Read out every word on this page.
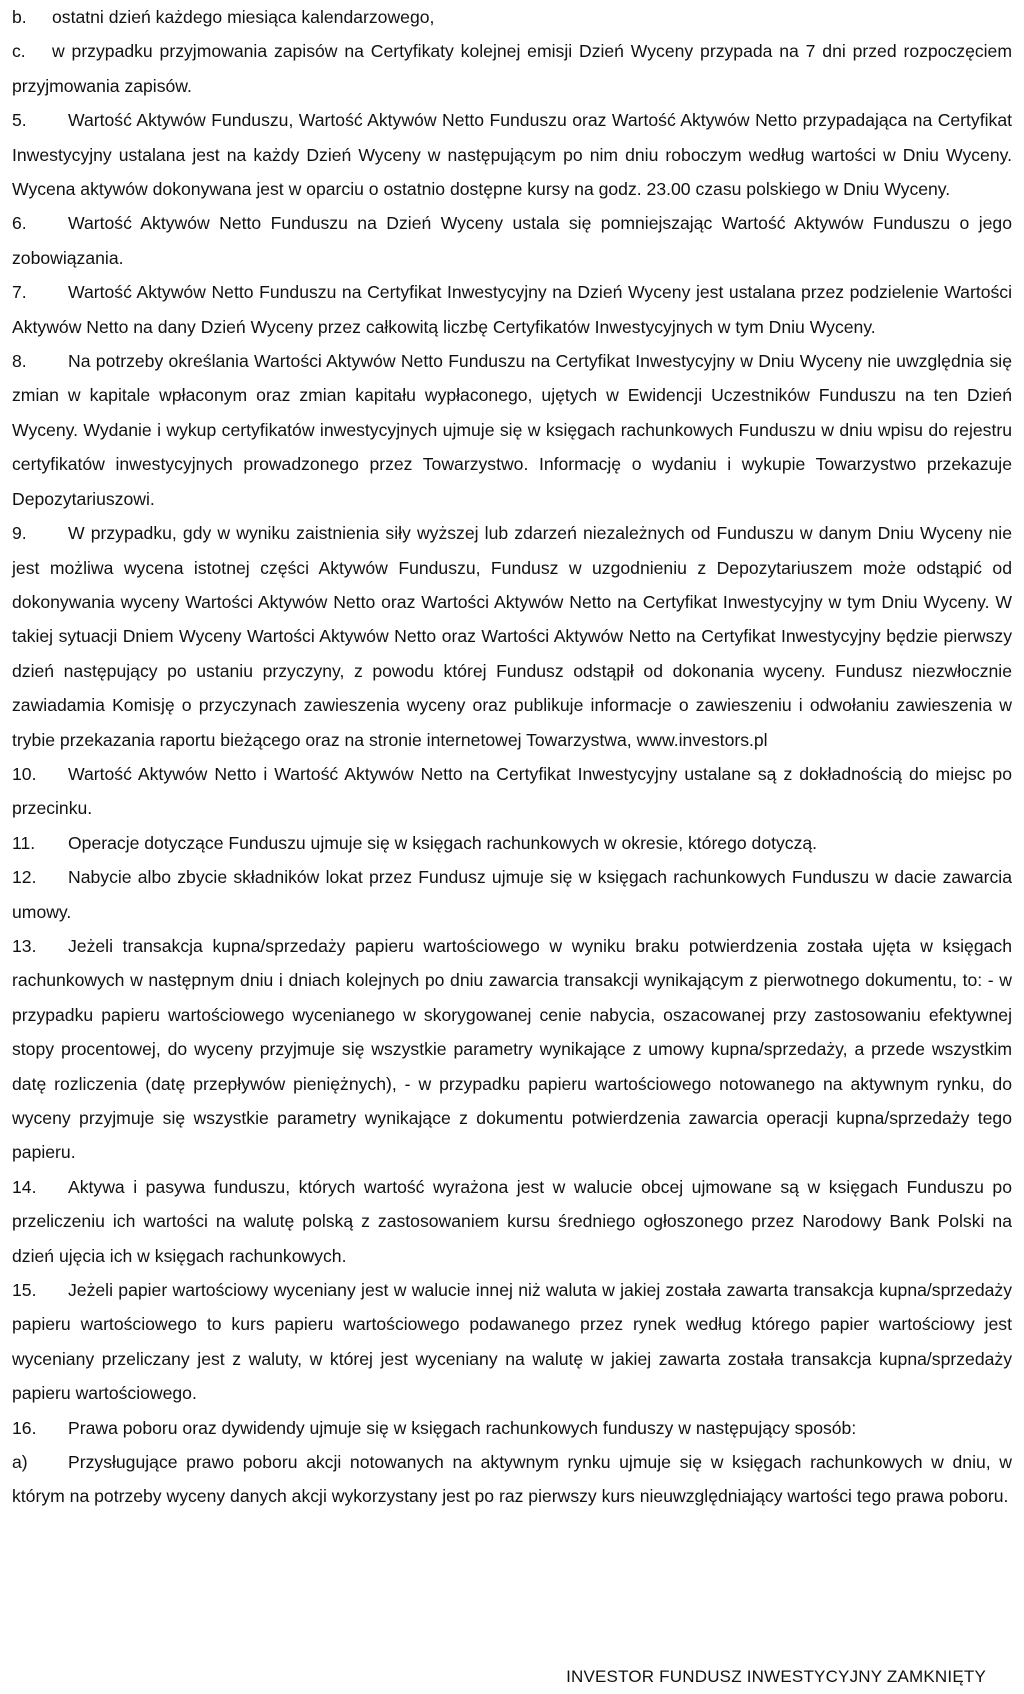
b. ostatni dzień każdego miesiąca kalendarzowego,

c. w przypadku przyjmowania zapisów na Certyfikaty kolejnej emisji Dzień Wyceny przypada na 7 dni przed rozpoczęciem przyjmowania zapisów.

5. Wartość Aktywów Funduszu, Wartość Aktywów Netto Funduszu oraz Wartość Aktywów Netto przypadająca na Certyfikat Inwestycyjny ustalana jest na każdy Dzień Wyceny w następującym po nim dniu roboczym według wartości w Dniu Wyceny. Wycena aktywów dokonywana jest w oparciu o ostatnio dostępne kursy na godz. 23.00 czasu polskiego w Dniu Wyceny.

6. Wartość Aktywów Netto Funduszu na Dzień Wyceny ustala się pomniejszając Wartość Aktywów Funduszu o jego zobowiązania.

7. Wartość Aktywów Netto Funduszu na Certyfikat Inwestycyjny na Dzień Wyceny jest ustalana przez podzielenie Wartości Aktywów Netto na dany Dzień Wyceny przez całkowitą liczbę Certyfikatów Inwestycyjnych w tym Dniu Wyceny.

8. Na potrzeby określania Wartości Aktywów Netto Funduszu na Certyfikat Inwestycyjny w Dniu Wyceny nie uwzględnia się zmian w kapitale wpłaconym oraz zmian kapitału wypłaconego, ujętych w Ewidencji Uczestników Funduszu na ten Dzień Wyceny. Wydanie i wykup certyfikatów inwestycyjnych ujmuje się w księgach rachunkowych Funduszu w dniu wpisu do rejestru certyfikatów inwestycyjnych prowadzonego przez Towarzystwo. Informację o wydaniu i wykupie Towarzystwo przekazuje Depozytariuszowi.

9. W przypadku, gdy w wyniku zaistnienia siły wyższej lub zdarzeń niezależnych od Funduszu w danym Dniu Wyceny nie jest możliwa wycena istotnej części Aktywów Funduszu, Fundusz w uzgodnieniu z Depozytariuszem może odstąpić od dokonywania wyceny Wartości Aktywów Netto oraz Wartości Aktywów Netto na Certyfikat Inwestycyjny w tym Dniu Wyceny. W takiej sytuacji Dniem Wyceny Wartości Aktywów Netto oraz Wartości Aktywów Netto na Certyfikat Inwestycyjny będzie pierwszy dzień następujący po ustaniu przyczyny, z powodu której Fundusz odstąpił od dokonania wyceny. Fundusz niezwłocznie zawiadamia Komisję o przyczynach zawieszenia wyceny oraz publikuje informacje o zawieszeniu i odwołaniu zawieszenia w trybie przekazania raportu bieżącego oraz na stronie internetowej Towarzystwa, www.investors.pl

10. Wartość Aktywów Netto i Wartość Aktywów Netto na Certyfikat Inwestycyjny ustalane są z dokładnością do miejsc po przecinku.

11. Operacje dotyczące Funduszu ujmuje się w księgach rachunkowych w okresie, którego dotyczą.

12. Nabycie albo zbycie składników lokat przez Fundusz ujmuje się w księgach rachunkowych Funduszu w dacie zawarcia umowy.

13. Jeżeli transakcja kupna/sprzedaży papieru wartościowego w wyniku braku potwierdzenia została ujęta w księgach rachunkowych w następnym dniu i dniach kolejnych po dniu zawarcia transakcji wynikającym z pierwotnego dokumentu, to: - w przypadku papieru wartościowego wycenianego w skorygowanej cenie nabycia, oszacowanej przy zastosowaniu efektywnej stopy procentowej, do wyceny przyjmuje się wszystkie parametry wynikające z umowy kupna/sprzedaży, a przede wszystkim datę rozliczenia (datę przepływów pieniężnych), - w przypadku papieru wartościowego notowanego na aktywnym rynku, do wyceny przyjmuje się wszystkie parametry wynikające z dokumentu potwierdzenia zawarcia operacji kupna/sprzedaży tego papieru.

14. Aktywa i pasywa funduszu, których wartość wyrażona jest w walucie obcej ujmowane są w księgach Funduszu po przeliczeniu ich wartości na walutę polską z zastosowaniem kursu średniego ogłoszonego przez Narodowy Bank Polski na dzień ujęcia ich w księgach rachunkowych.

15. Jeżeli papier wartościowy wyceniany jest w walucie innej niż waluta w jakiej została zawarta transakcja kupna/sprzedaży papieru wartościowego to kurs papieru wartościowego podawanego przez rynek według którego papier wartościowy jest wyceniany przeliczany jest z waluty, w której jest wyceniany na walutę w jakiej zawarta została transakcja kupna/sprzedaży papieru wartościowego.

16. Prawa poboru oraz dywidendy ujmuje się w księgach rachunkowych funduszy w następujący sposób:

a) Przysługujące prawo poboru akcji notowanych na aktywnym rynku ujmuje się w księgach rachunkowych w dniu, w którym na potrzeby wyceny danych akcji wykorzystany jest po raz pierwszy kurs nieuwzględniający wartości tego prawa poboru.

INVESTOR FUNDUSZ INWESTYCYJNY ZAMKNIĘTY
